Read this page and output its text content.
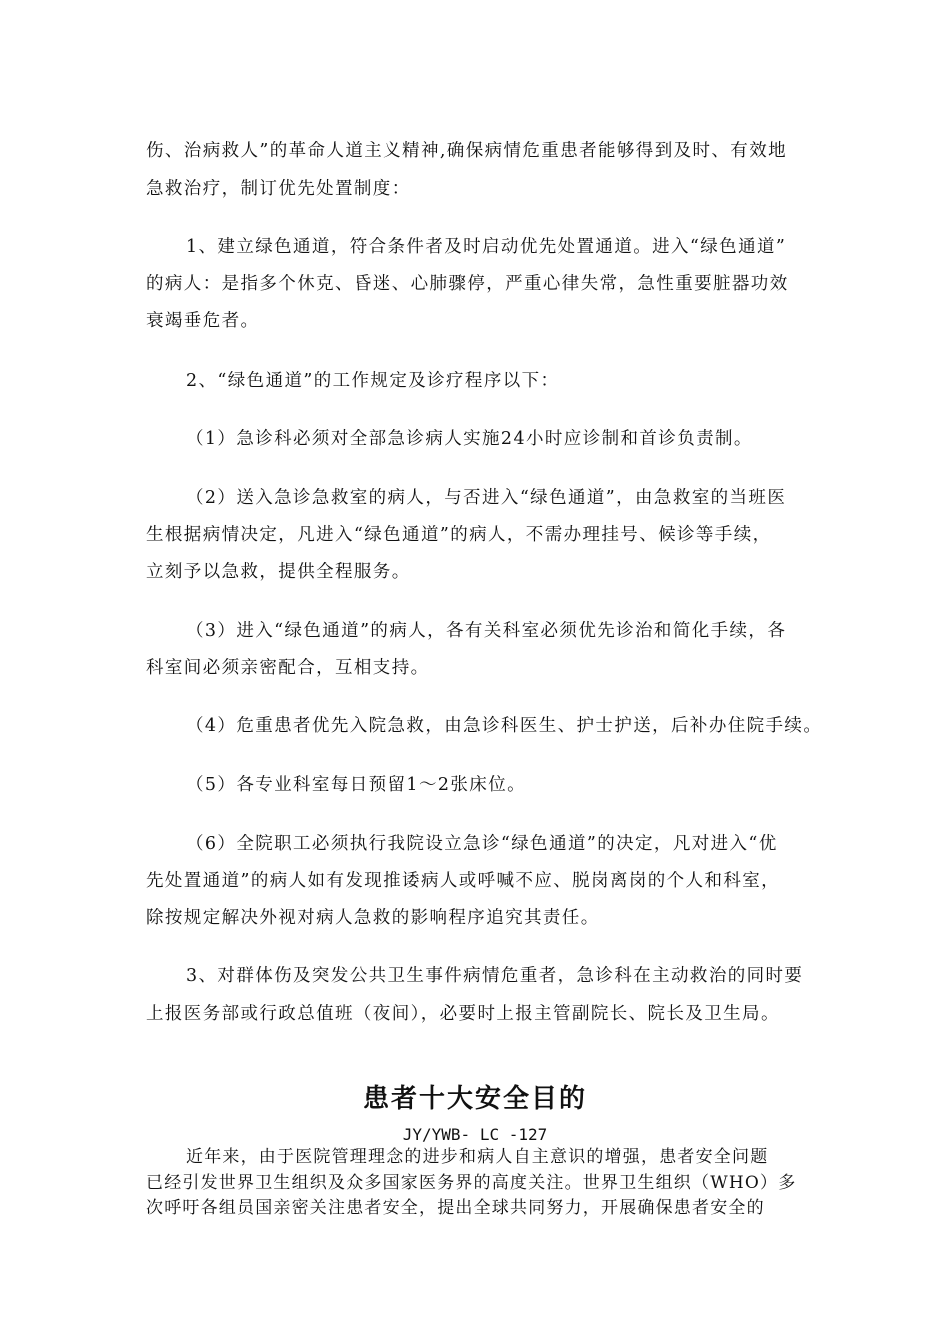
伤、治病救人”的革命人道主义精神,确保病情危重患者能够得到及时、有效地

急救治疗，制订优先处置制度：

1、建立绿色通道，符合条件者及时启动优先处置通道。进入“绿色通道”

的病人：是指多个休克、昏迷、心肺骤停，严重心律失常，急性重要脏器功效

衰竭垂危者。

2、“绿色通道”的工作规定及诊疗程序以下：

（1）急诊科必须对全部急诊病人实施24小时应诊制和首诊负责制。

（2）送入急诊急救室的病人，与否进入“绿色通道”，由急救室的当班医

生根据病情决定，凡进入“绿色通道”的病人，不需办理挂号、候诊等手续，

立刻予以急救，提供全程服务。

（3）进入“绿色通道”的病人，各有关科室必须优先诊治和简化手续，各

科室间必须亲密配合，互相支持。

（4）危重患者优先入院急救，由急诊科医生、护士护送，后补办住院手续。

（5）各专业科室每日预留1～2张床位。

（6）全院职工必须执行我院设立急诊“绿色通道”的决定，凡对进入“优

先处置通道”的病人如有发现推诿病人或呼喊不应、脱岗离岗的个人和科室，

除按规定解决外视对病人急救的影响程序追究其责任。

3、对群体伤及突发公共卫生事件病情危重者，急诊科在主动救治的同时要

上报医务部或行政总值班（夜间），必要时上报主管副院长、院长及卫生局。

患者十大安全目的

JY/YWB- LC -127

近年来，由于医院管理理念的进步和病人自主意识的增强，患者安全问题

已经引发世界卫生组织及众多国家医务界的高度关注。世界卫生组织（WHO）多

次呼吁各组员国亲密关注患者安全，提出全球共同努力，开展确保患者安全的
